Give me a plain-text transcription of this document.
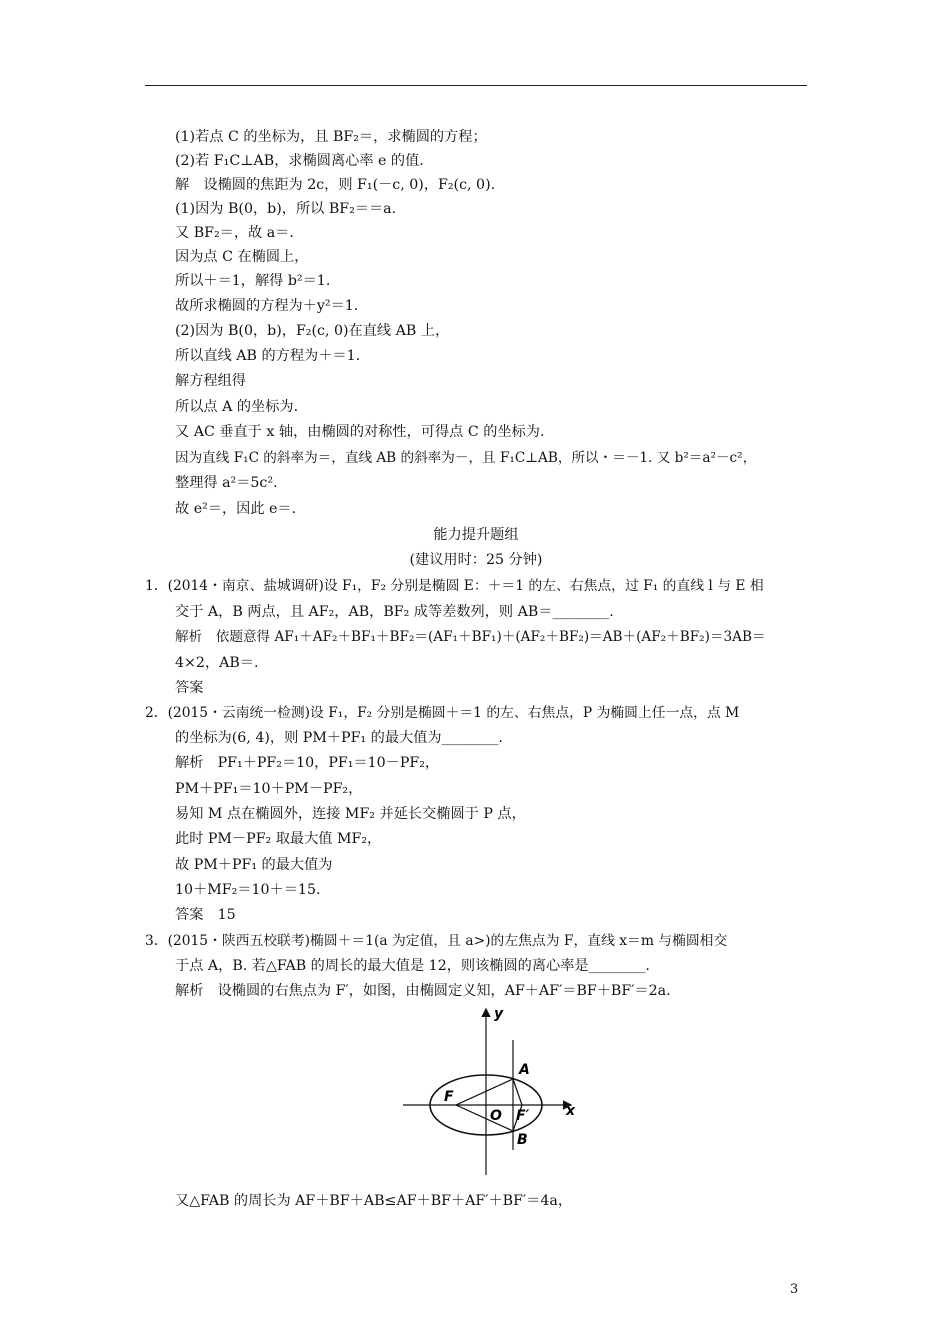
(1)若点 C 的坐标为，且 BF₂＝，求椭圆的方程；
(2)若 F₁C⊥AB，求椭圆离心率 e 的值.
解　设椭圆的焦距为 2c，则 F₁(－c, 0)，F₂(c, 0).
(1)因为 B(0，b)，所以 BF₂＝＝a.
又 BF₂＝，故 a＝.
因为点 C 在椭圆上，
所以＋＝1，解得 b²＝1.
故所求椭圆的方程为＋y²＝1.
(2)因为 B(0，b)，F₂(c, 0)在直线 AB 上，
所以直线 AB 的方程为＋＝1.
解方程组得
所以点 A 的坐标为.
又 AC 垂直于 x 轴，由椭圆的对称性，可得点 C 的坐标为.
因为直线 F₁C 的斜率为＝，直线 AB 的斜率为－，且 F₁C⊥AB，所以・＝－1. 又 b²＝a²－c²，
整理得 a²＝5c².
故 e²＝，因此 e＝.
能力提升题组
(建议用时：25 分钟)
1．(2014・南京、盐城调研)设 F₁，F₂ 分别是椭圆 E：＋＝1 的左、右焦点，过 F₁ 的直线 l 与 E 相
交于 A，B 两点，且 AF₂，AB，BF₂ 成等差数列，则 AB＝________.
解析　依题意得 AF₁＋AF₂＋BF₁＋BF₂＝(AF₁＋BF₁)＋(AF₂＋BF₂)＝AB＋(AF₂＋BF₂)＝3AB＝
4×2，AB＝.
答案
2．(2015・云南统一检测)设 F₁，F₂ 分别是椭圆＋＝1 的左、右焦点，P 为椭圆上任一点，点 M
的坐标为(6, 4)，则 PM＋PF₁ 的最大值为________.
解析　PF₁＋PF₂＝10，PF₁＝10－PF₂，
PM＋PF₁＝10＋PM－PF₂，
易知 M 点在椭圆外，连接 MF₂ 并延长交椭圆于 P 点，
此时 PM－PF₂ 取最大值 MF₂，
故 PM＋PF₁ 的最大值为
10＋MF₂＝10＋＝15.
答案　15
3．(2015・陕西五校联考)椭圆＋＝1(a 为定值，且 a>)的左焦点为 F，直线 x＝m 与椭圆相交
于点 A，B. 若△FAB 的周长的最大值是 12，则该椭圆的离心率是________.
解析　设椭圆的右焦点为 F′，如图，由椭圆定义知，AF＋AF′＝BF＋BF′＝2a.
y
x
A
F
O F′
B
又△FAB 的周长为 AF＋BF＋AB≤AF＋BF＋AF′＋BF′＝4a，
3
